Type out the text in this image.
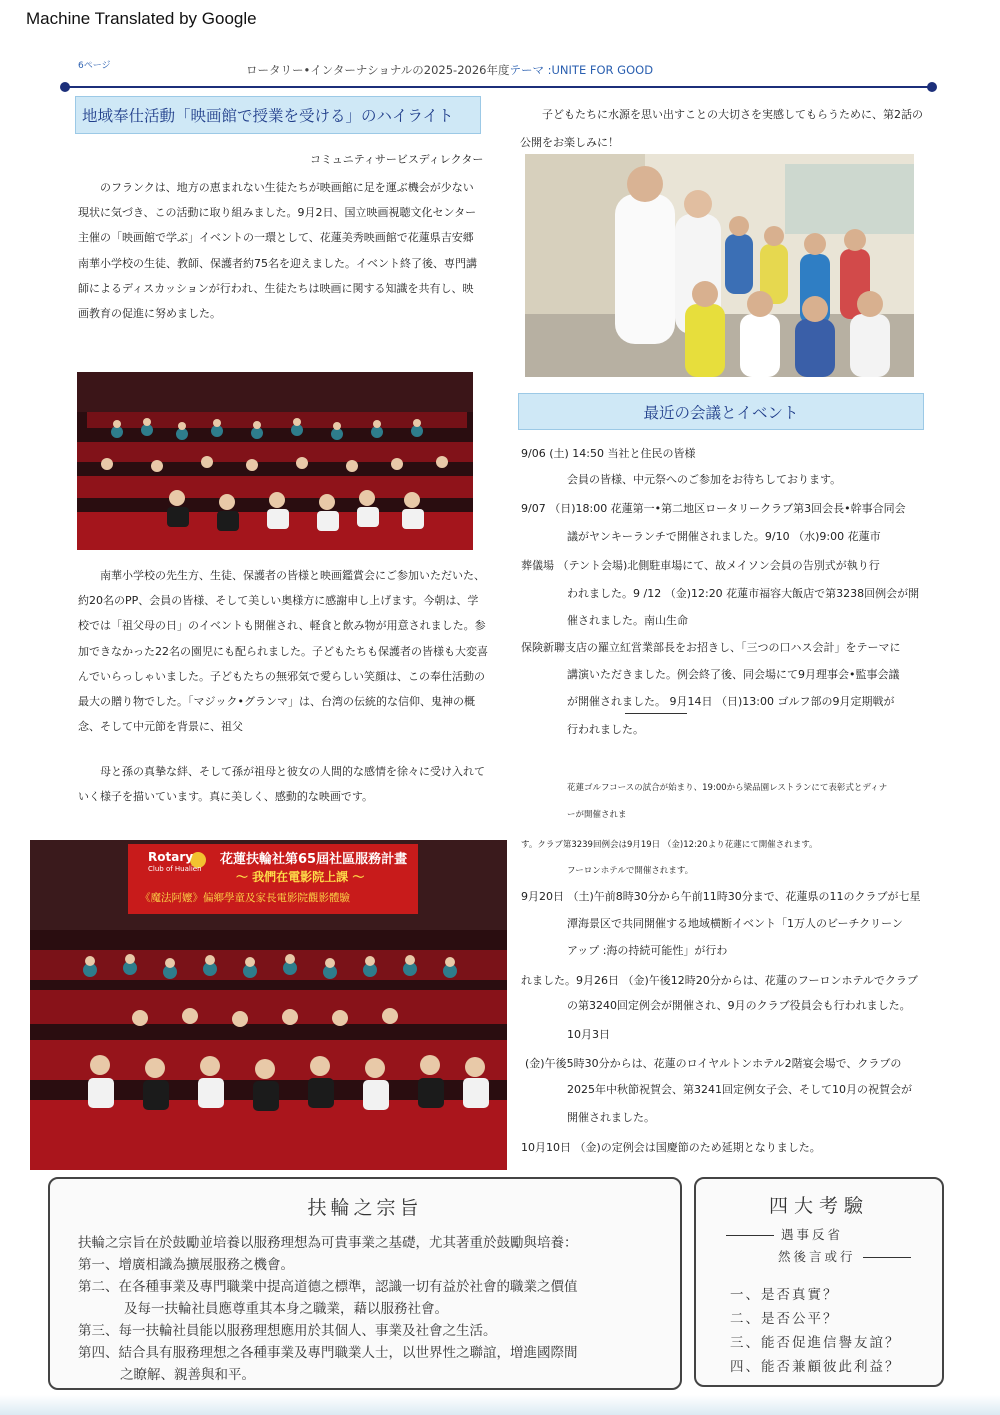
Machine Translated by Google
6ページ	ロータリー•インターナショナルの2025-2026年度テーマ :UNITE FOR GOOD
地域奉仕活動「映画館で授業を受ける」のハイライト
コミュニティサービスディレクター
のフランクは、地方の恵まれない生徒たちが映画館に足を運ぶ機会が少ない現状に気づき、この活動に取り組みました。9月2日、国立映画視聴文化センター主催の「映画館で学ぶ」イベントの一環として、花蓮美秀映画館で花蓮県吉安郷南華小学校の生徒、教師、保護者約75名を迎えました。イベント終了後、専門講師によるディスカッションが行われ、生徒たちは映画に関する知識を共有し、映画教育の促進に努めました。
南華小学校の先生方、生徒、保護者の皆様と映画鑑賞会にご参加いただいた、約20名のPP、会員の皆様、そして美しい奥様方に感謝申し上げます。今朝は、学校では「祖父母の日」のイベントも開催され、軽食と飲み物が用意されました。参加できなかった22名の園児にも配られました。子どもたちも保護者の皆様も大変喜んでいらっしゃいました。子どもたちの無邪気で愛らしい笑顔は、この奉仕活動の最大の贈り物でした。「マジック•グランマ」は、台湾の伝統的な信仰、鬼神の概念、そして中元節を背景に、祖父
母と孫の真摯な絆、そして孫が祖母と彼女の人間的な感情を徐々に受け入れていく様子を描いています。真に美しく、感動的な映画です。
Rotary
Club of Hualien
花蓮扶輪社第65屆社區服務計畫
～ 我們在電影院上課 ～
《魔法阿嬤》偏鄉學童及家長電影院觀影體驗
子どもたちに水源を思い出すことの大切さを実感してもらうために、第2話の公開をお楽しみに！
最近の会議とイベント
9/06 (土) 14:50 当社と住民の皆様
会員の皆様、中元祭へのご参加をお待ちしております。
9/07 （日)18:00 花蓮第一•第二地区ロータリークラブ第3回会長•幹事合同会
議がヤンキーランチで開催されました。9/10 （水)9:00 花蓮市
葬儀場 （テント会場)北側駐車場にて、故メイソン会員の告別式が執り行
われました。9 /12 （金)12:20 花蓮市福容大飯店で第3238回例会が開
催されました。南山生命
保険新聯支店の羅立紅営業部長をお招きし、「三つの口ハス会計」をテーマに
講演いただきました。例会終了後、同会場にて9月理事会•監事会議
が開催されました。 9月14日 （日)13:00 ゴルフ部の9月定期戦が
行われました。
花蓮ゴルフコースの試合が始まり、19:00から梁品園レストランにて表彰式とディナ
ーが開催されま
す。クラブ第3239回例会は9月19日 （金)12:20より花蓮にて開催されます。
フーロンホテルで開催されます。
9月20日 （土)午前8時30分から午前11時30分まで、花蓮県の11のクラブが七星
潭海景区で共同開催する地域横断イベント「1万人のビーチクリーン
アップ :海の持続可能性」が行わ
れました。9月26日 （金)午後12時20分からは、花蓮のフーロンホテルでクラブ
の第3240回定例会が開催され、9月のクラブ役員会も行われました。
10月3日
(金)午後5時30分からは、花蓮のロイヤルトンホテル2階宴会場で、クラブの
2025年中秋節祝賀会、第3241回定例女子会、そして10月の祝賀会が
開催されました。
10月10日 （金)の定例会は国慶節のため延期となりました。
扶輪之宗旨
扶輪之宗旨在於鼓勵並培養以服務理想為可貴事業之基礎，尤其著重於鼓勵與培養：
第一、增廣相識為擴展服務之機會。
第二、在各種事業及專門職業中提高道德之標準，認識一切有益於社會的職業之價值
及每一扶輪社員應尊重其本身之職業，藉以服務社會。
第三、每一扶輪社員能以服務理想應用於其個人、事業及社會之生活。
第四、結合具有服務理想之各種事業及專門職業人士，以世界性之聯誼，增進國際間
之瞭解、親善與和平。
四大考驗
遇事反省
然後言或行
一、是否真實？
二、是否公平？
三、能否促進信譽友誼？
四、能否兼顧彼此利益？
